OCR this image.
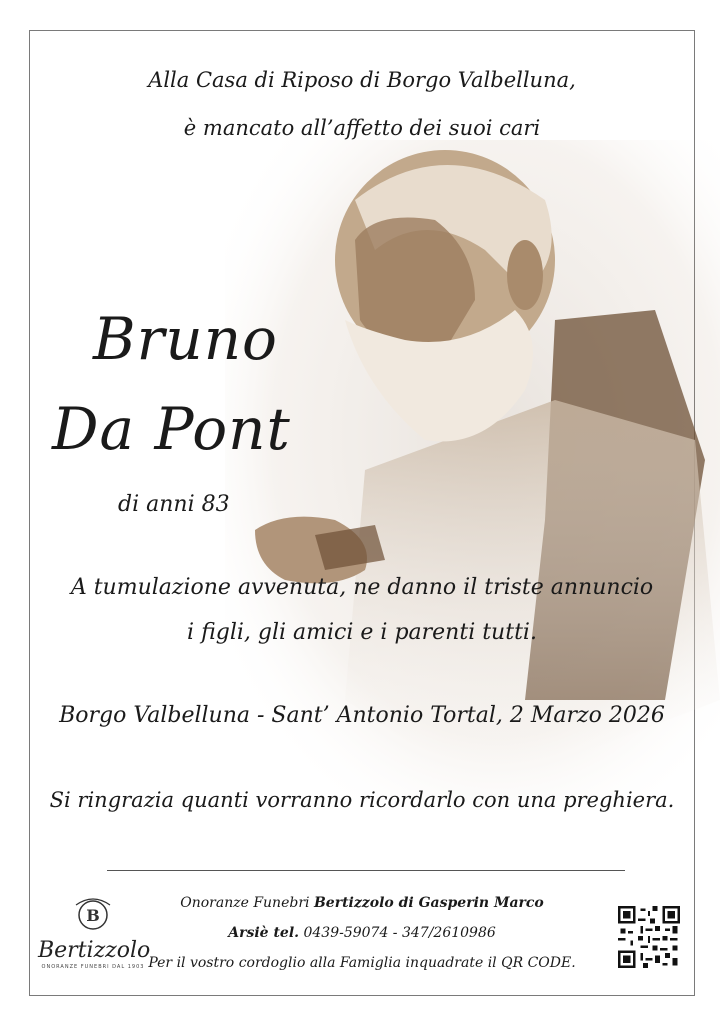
Alla Casa di Riposo di Borgo Valbelluna,
è mancato all’affetto dei suoi cari
Bruno
Da Pont
di anni 83
A tumulazione avvenuta, ne danno il triste annuncio
i figli, gli amici e i parenti tutti.
Borgo Valbelluna - Sant’ Antonio Tortal, 2 Marzo 2026
Si ringrazia quanti vorranno ricordarlo con una preghiera.
B
Bertizzolo
ONORANZE FUNEBRI DAL 1903
Onoranze Funebri Bertizzolo di Gasperin Marco
Arsiè tel. 0439-59074 - 347/2610986
Per il vostro cordoglio alla Famiglia inquadrate il QR CODE.
